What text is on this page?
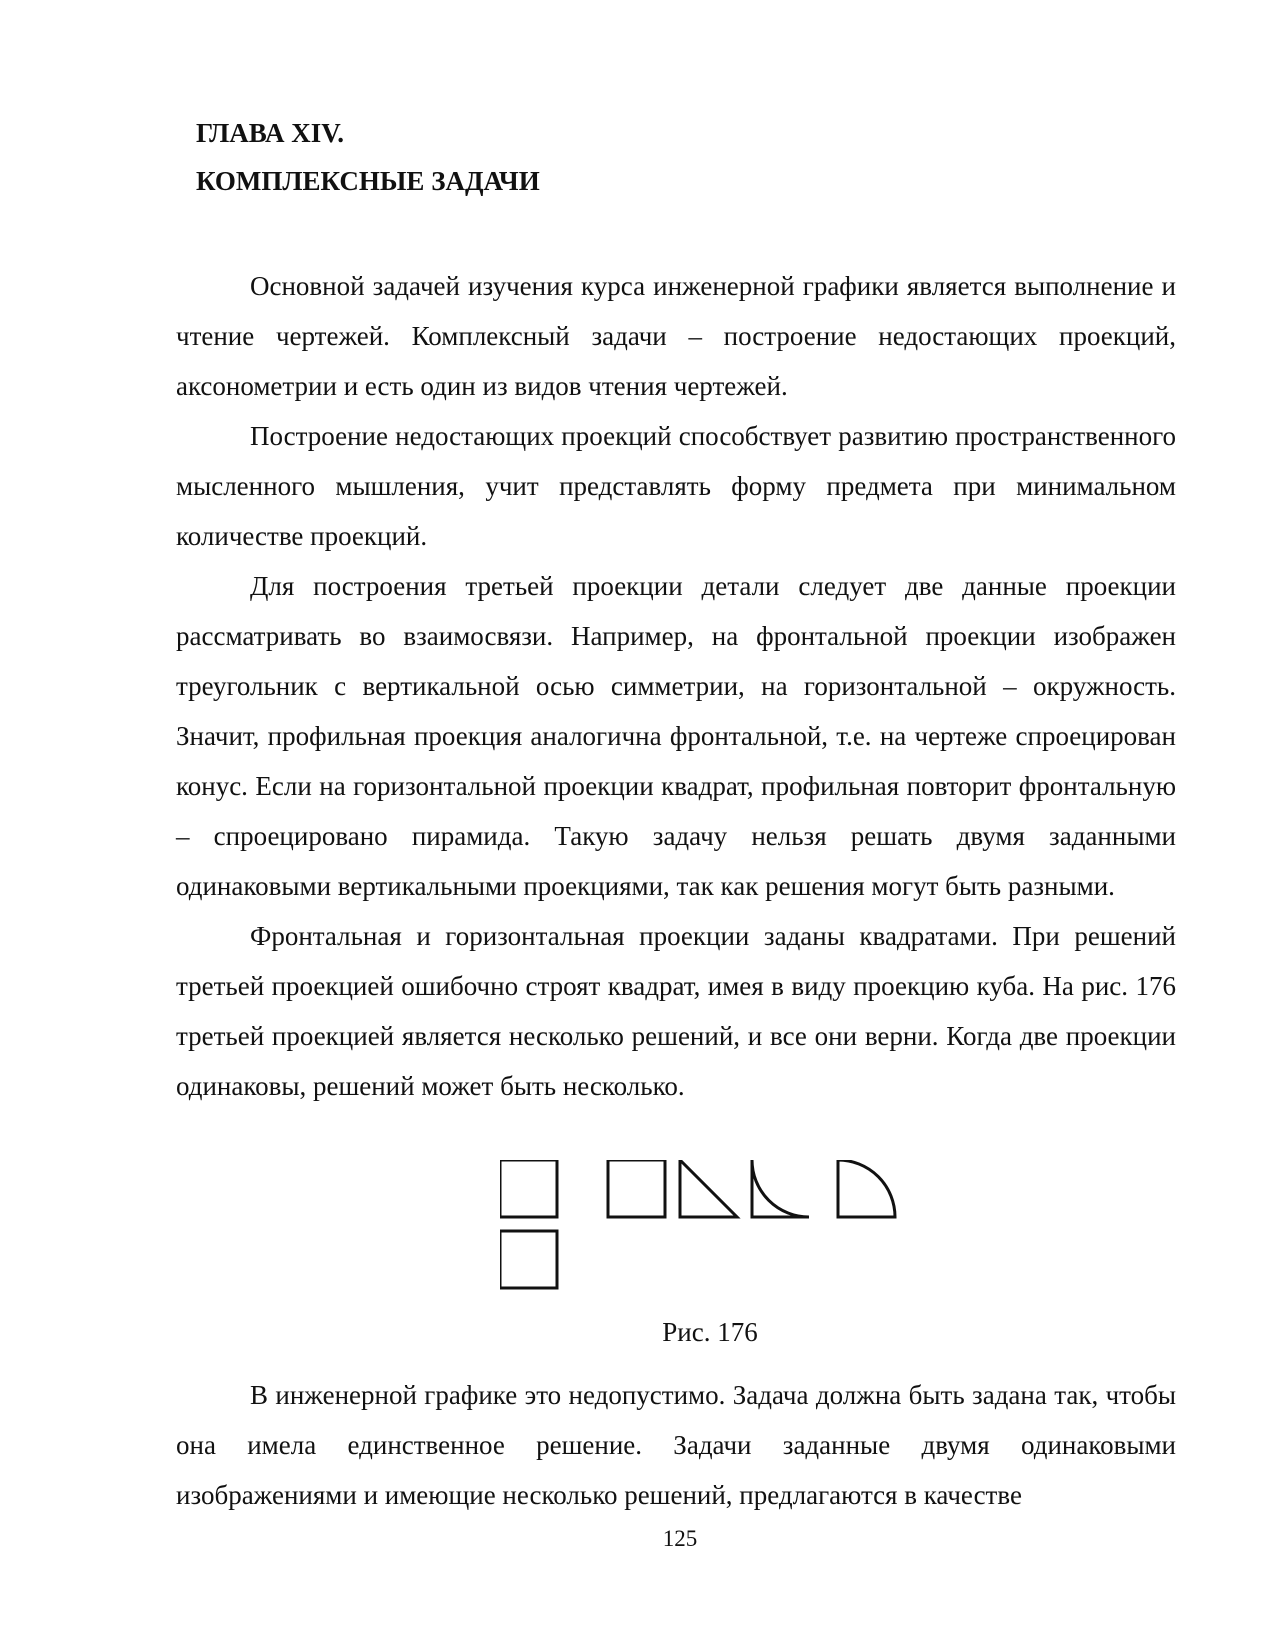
ГЛАВА XIV.
КОМПЛЕКСНЫЕ ЗАДАЧИ

Основной задачей изучения курса инженерной графики является выполнение и чтение чертежей. Комплексный задачи – построение недостающих проекций, аксонометрии и есть один из видов чтения чертежей.

Построение недостающих проекций способствует развитию пространственного мысленного мышления, учит представлять форму предмета при минимальном количестве проекций.

Для построения третьей проекции детали следует две данные проекции рассматривать во взаимосвязи. Например, на фронтальной проекции изображен треугольник с вертикальной осью симметрии, на горизонтальной – окружность. Значит, профильная проекция аналогична фронтальной, т.е. на чертеже спроецирован конус. Если на горизонтальной проекции квадрат, профильная повторит фронтальную – спроецировано пирамида. Такую задачу нельзя решать двумя заданными одинаковыми вертикальными проекциями, так как решения могут быть разными.

Фронтальная и горизонтальная проекции заданы квадратами. При решений третьей проекцией ошибочно строят квадрат, имея в виду проекцию куба. На рис. 176 третьей проекцией является несколько решений, и все они верни. Когда две проекции одинаковы, решений может быть несколько.

Рис. 176

В инженерной графике это недопустимо. Задача должна быть задана так, чтобы она имела единственное решение. Задачи заданные двумя одинаковыми изображениями и имеющие несколько решений, предлагаются в качестве

125
